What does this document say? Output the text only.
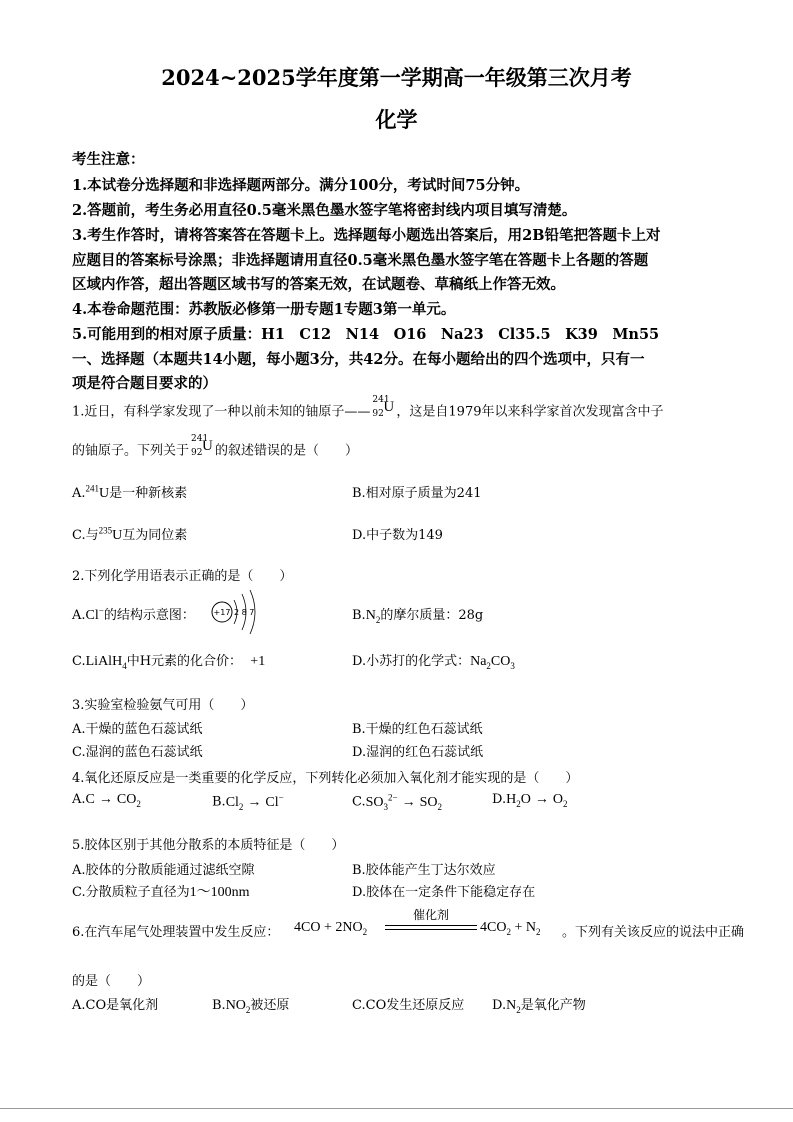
2024~2025学年度第一学期高一年级第三次月考
化学
考生注意：
1.本试卷分选择题和非选择题两部分。满分100分，考试时间75分钟。
2.答题前，考生务必用直径0.5毫米黑色墨水签字笔将密封线内项目填写清楚。
3.考生作答时，请将答案答在答题卡上。选择题每小题选出答案后，用2B铅笔把答题卡上对
应题目的答案标号涂黑；非选择题请用直径0.5毫米黑色墨水签字笔在答题卡上各题的答题
区域内作答，超出答题区域书写的答案无效，在试题卷、草稿纸上作答无效。
4.本卷命题范围：苏教版必修第一册专题1专题3第一单元。
5.可能用到的相对原子质量：H1　C12　N14　O16　Na23　Cl35.5　K39　Mn55
一、选择题（本题共14小题，每小题3分，共42分。在每小题给出的四个选项中，只有一
项是符合题目要求的）
1.近日，有科学家发现了一种以前未知的铀原子——
241
92 U ，这是自1979年以来科学家首次发现富含中子
的铀原子。下列关于
241
92 U 的叙述错误的是（　　）
A.$^{241}$U是一种新核素	B.相对原子质量为241
C.与$^{235}$U互为同位素	D.中子数为149
2.下列化学用语表示正确的是（　　）
A.Cl−的结构示意图： +17 2 8 7	$B.N_2$的摩尔质量：28g
C.LiAlH$_4$中H元素的化合价： +1	D.小苏打的化学式：$Na_2CO_3$
3.实验室检验氨气可用（　　）
A.干燥的蓝色石蕊试纸	B.干燥的红色石蕊试纸
C.湿润的蓝色石蕊试纸	D.湿润的红色石蕊试纸
4.氧化还原反应是一类重要的化学反应，下列转化必须加入氧化剂才能实现的是（　　）
$A.C \to CO_2$	$B.Cl_2 \to Cl^-$	$C.SO_3^{2-} \to SO_2$	$D.H_2O \to O_2$
5.胶体区别于其他分散系的本质特征是（　　）
A.胶体的分散质能通过滤纸空隙	B.胶体能产生丁达尔效应
C.分散质粒子直径为1～100nm	D.胶体在一定条件下能稳定存在
6.在汽车尾气处理装置中发生反应： $4CO + 2NO_2$
催化剂
$4CO_2 + N_2$ 。下列有关该反应的说法中正确
的是（　　）
A.CO是氧化剂	$B.NO_2$被还原	C.CO发生还原反应 $D.N_2$是氧化产物
